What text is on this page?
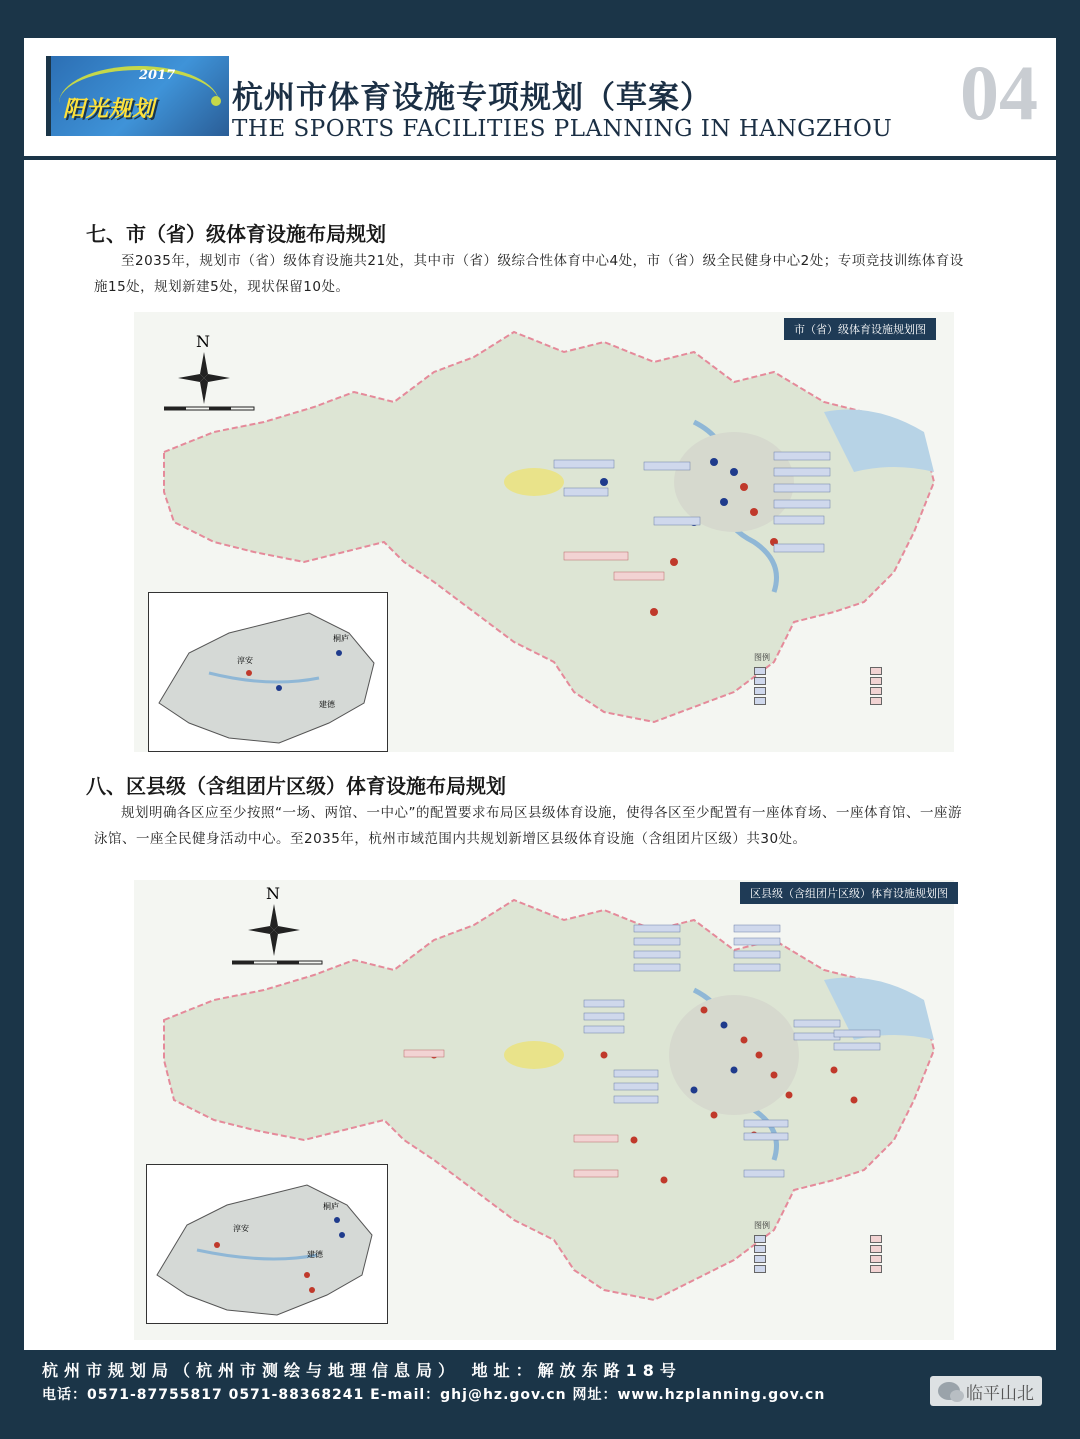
2017
阳光规划 杭州市体育设施专项规划（草案）
THE SPORTS FACILITIES PLANNING IN HANGZHOU 04
七、市（省）级体育设施布局规划
至2035年，规划市（省）级体育设施共21处，其中市（省）级综合性体育中心4处，市（省）级全民健身中心2处；专项竞技训练体育设施15处，规划新建5处，现状保留10处。
市（省）级体育设施规划图
N
桐庐
淳安
建德
图例
八、区县级（含组团片区级）体育设施布局规划
规划明确各区应至少按照“一场、两馆、一中心”的配置要求布局区县级体育设施，使得各区至少配置有一座体育场、一座体育馆、一座游泳馆、一座全民健身活动中心。至2035年，杭州市域范围内共规划新增区县级体育设施（含组团片区级）共30处。
区县级（含组团片区级）体育设施规划图
N
桐庐
淳安
建德
图例
杭州市规划局（杭州市测绘与地理信息局） 地址：解放东路18号
电话：0571-87755817 0571-88368241 E-mail：ghj@hz.gov.cn 网址：www.hzplanning.gov.cn	临平山北
